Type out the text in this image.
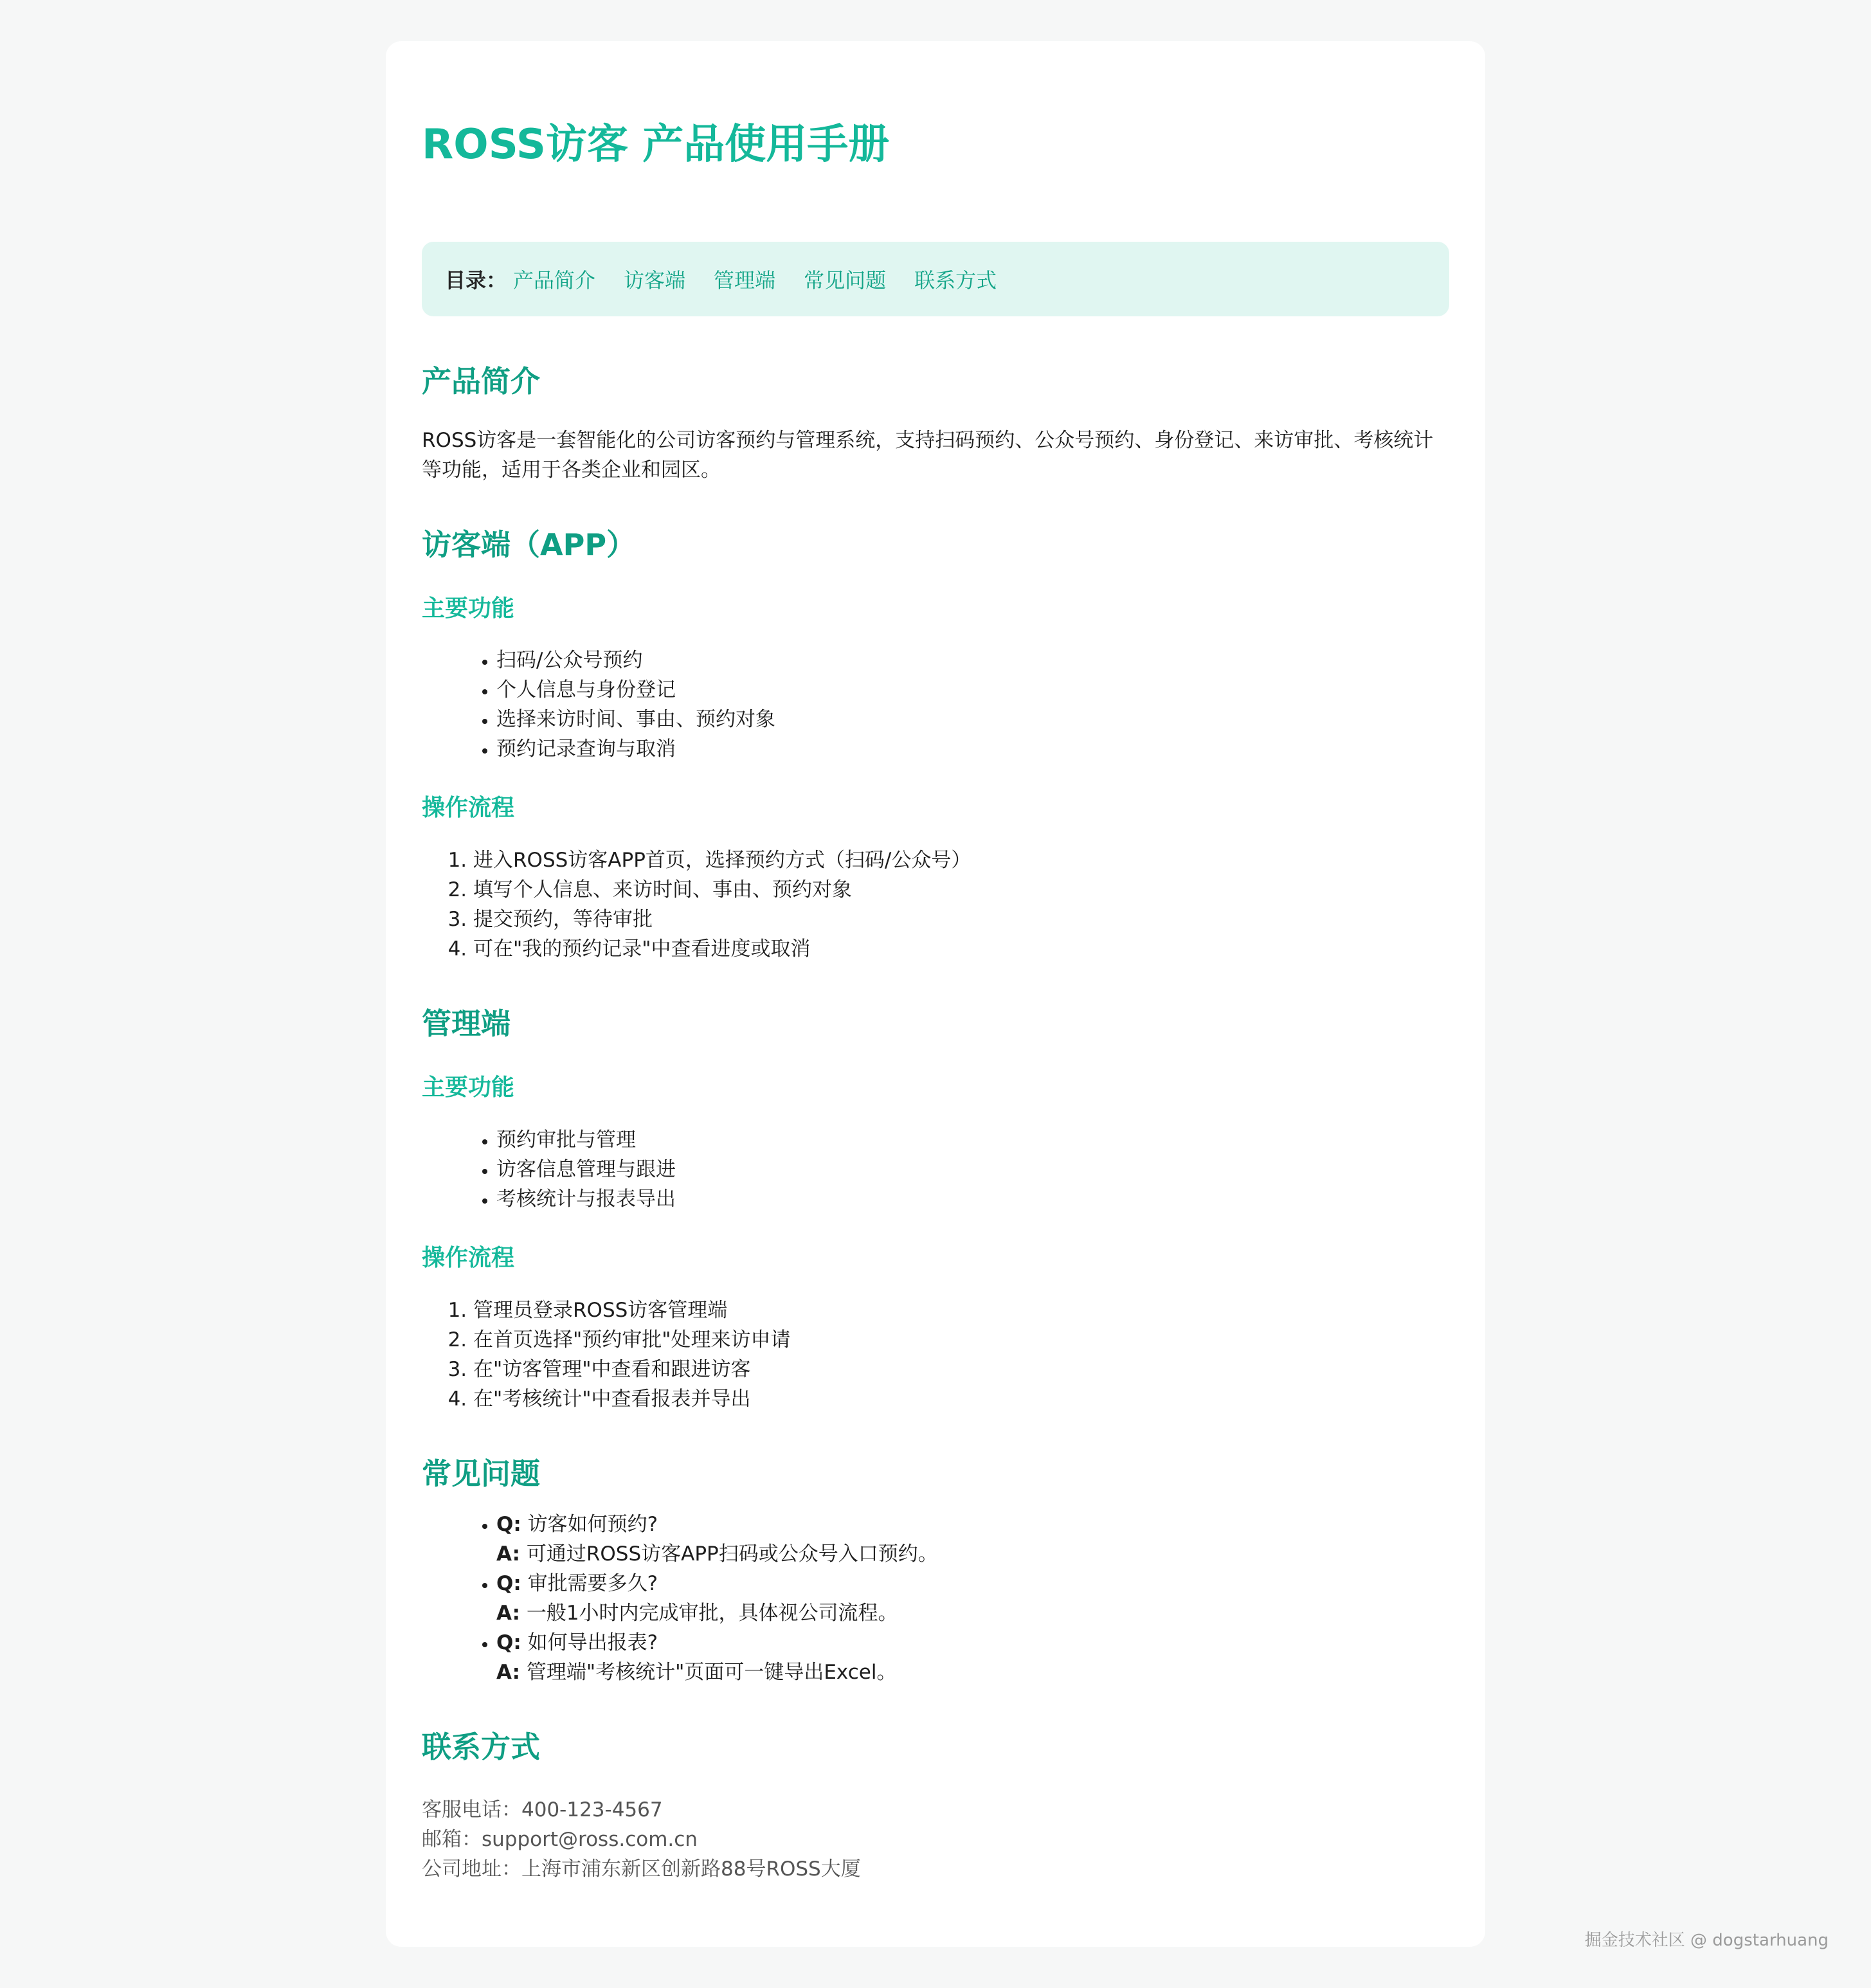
ROSS访客 产品使用手册
目录： 产品简介 访客端 管理端 常见问题 联系方式
产品简介

ROSS访客是一套智能化的公司访客预约与管理系统，支持扫码预约、公众号预约、身份登记、来访审批、考核统计等功能，适用于各类企业和园区。

访客端（APP）
主要功能
• 扫码/公众号预约
• 个人信息与身份登记
• 选择来访时间、事由、预约对象
• 预约记录查询与取消
操作流程
1. 进入ROSS访客APP首页，选择预约方式（扫码/公众号）
2. 填写个人信息、来访时间、事由、预约对象
3. 提交预约，等待审批
4. 可在"我的预约记录"中查看进度或取消
管理端
主要功能
• 预约审批与管理
• 访客信息管理与跟进
• 考核统计与报表导出
操作流程
1. 管理员登录ROSS访客管理端
2. 在首页选择"预约审批"处理来访申请
3. 在"访客管理"中查看和跟进访客
4. 在"考核统计"中查看报表并导出
常见问题
• Q: 访客如何预约?
A: 可通过ROSS访客APP扫码或公众号入口预约。
• Q: 审批需要多久?
A: 一般1小时内完成审批，具体视公司流程。
• Q: 如何导出报表?
A: 管理端"考核统计"页面可一键导出Excel。
联系方式

客服电话：400-123-4567

邮箱：support@ross.com.cn

公司地址：上海市浦东新区创新路88号ROSS大厦

掘金技术社区 @ dogstarhuang
